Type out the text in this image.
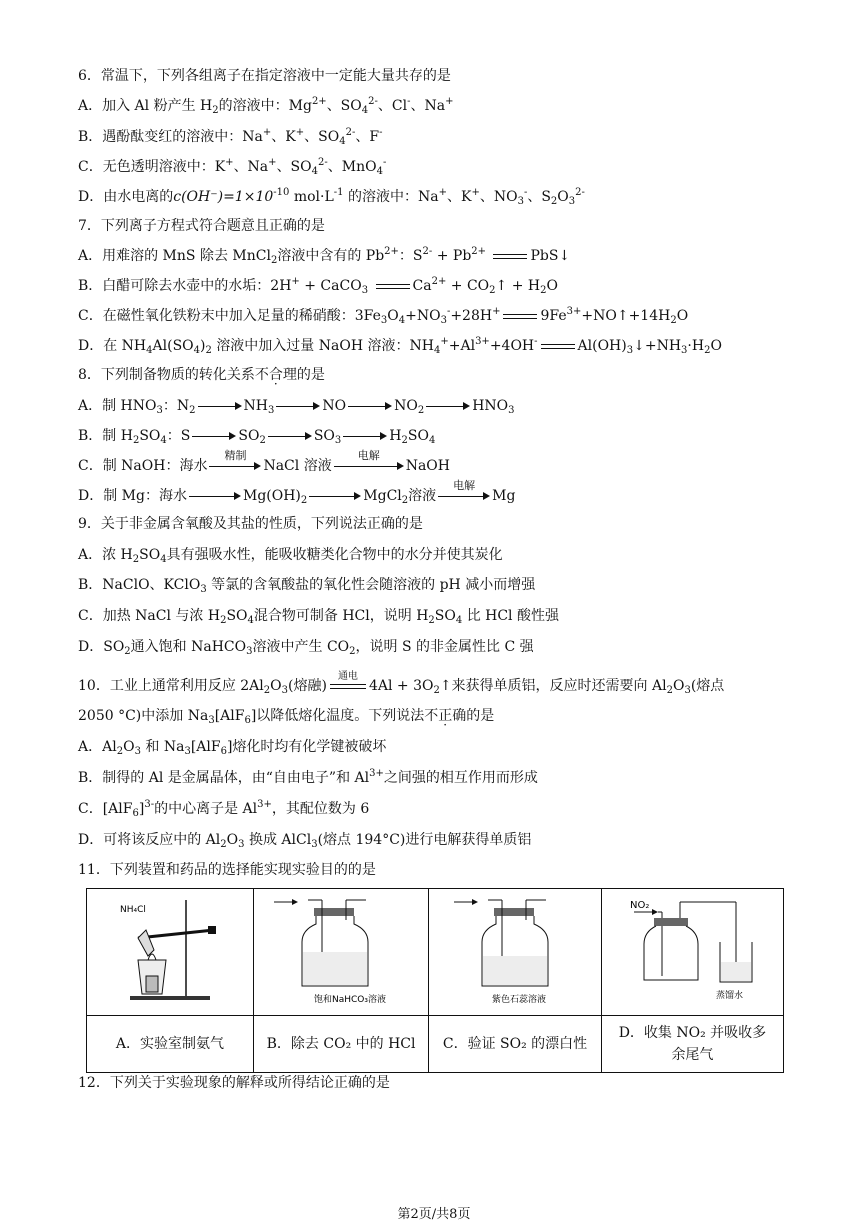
6．常温下，下列各组离子在指定溶液中一定能大量共存的是
A．加入 Al 粉产生 $H_2$的溶液中：$Mg^{2+}$、$SO_4^{2-}$、Cl-、Na+
B．遇酚酞变红的溶液中：Na+、K+、$SO_4^{2-}$、F-
C．无色透明溶液中：K+、Na+、$SO_4^{2-}$、MnO$_4$-
D．由水电离的$c(OH^-)=1\times 10^{-10}$ $mol\cdot L^{-1}$ 的溶液中：Na+、K+、$NO_3^-$、$S_2O_3^{2-}$
7．下列离子方程式符合题意且正确的是
A．用难溶的 MnS 除去 MnCl$_2$溶液中含有的 $Pb^{2+}$：$S^{2-} + Pb^{2+}$	PbS↓
B．白醋可除去水壶中的水垢：2H+ + CaCO$_3$	$Ca^{2+}$ + $CO_2↑ + H_2O$
C．在磁性氧化铁粉末中加入足量的稀硝酸：$3Fe_3O_4+NO_3^-+28H^+$	$9Fe^{3+}+NO↑+14H_2O$
D．在 $NH_4Al(SO_4)_2$ 溶液中加入过量 NaOH 溶液：$NH_4^++Al^{3+}+4OH^-$	$Al(OH)_3↓+NH_3\cdot H_2O$
8．下列制备物质的转化关系不合理的是
A．制 $HNO_3$：$N_2$	$NH_3$	NO	$NO_2$	$HNO_3$
B．制 $H_2SO_4$：S	$SO_2$	$SO_3$	$H_2SO_4$
C．制 NaOH：海水
精制
NaCl 溶液
电解
NaOH
D．制 Mg：海水	$Mg(OH)_2$	MgCl$_2$溶液
电解
Mg
9．关于非金属含氧酸及其盐的性质，下列说法正确的是
A．浓 $H_2SO_4$具有强吸水性，能吸收糖类化合物中的水分并使其炭化
B．NaClO、KClO$_3$ 等氯的含氧酸盐的氧化性会随溶液的 pH 减小而增强
C．加热 NaCl 与浓 $H_2SO_4$混合物可制备 HCl，说明 $H_2SO_4$ 比 HCl 酸性强
D．$SO_2$通入饱和 NaHCO$_3$溶液中产生 $CO_2$，说明 S 的非金属性比 C 强
10．工业上通常利用反应 $2Al_2O_3$(熔融)
通电
$4Al + 3O_2↑$来获得单质铝，反应时还需要向 $Al_2O_3$(熔点
2050 °C)中添加 $Na_3[AlF_6]$以降低熔化温度。下列说法不正确的是
A．$Al_2O_3$ 和 $Na_3[AlF_6]$熔化时均有化学键被破坏
B．制得的 Al 是金属晶体，由“自由电子”和 $Al^{3+}$之间强的相互作用而形成
C．$[AlF_6]^{3-}$的中心离子是 $Al^{3+}$，其配位数为 6
D．可将该反应中的 $Al_2O_3$ 换成 AlCl$_3$(熔点 194°C)进行电解获得单质铝
11．下列装置和药品的选择能实现实验目的的是
NH₄Cl	饱和NaHCO₃溶液	紫色石蕊溶液	NO₂
蒸馏水

A．实验室制氨气	B．除去 CO₂ 中的 HCl	C．验证 SO₂ 的漂白性	D．收集 NO₂ 并吸收多
余尾气
12．下列关于实验现象的解释或所得结论正确的是
第2页/共8页
